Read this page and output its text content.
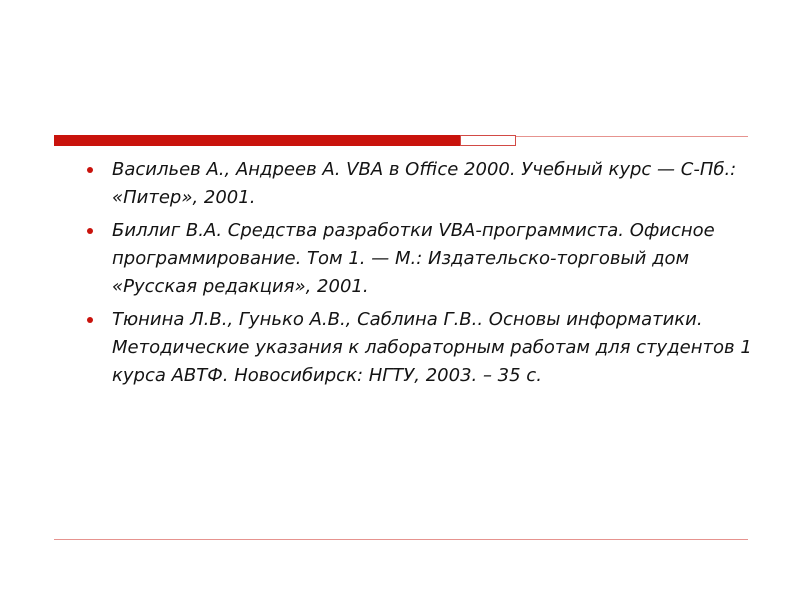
Васильев А., Андреев А. VBA в Office 2000. Учебный курс — С-Пб.: «Питер», 2001.
Биллиг В.А. Средства разработки VBA-программиста. Офисное программирование. Том 1. — М.: Издательско-торговый дом «Русская редакция», 2001.
Тюнина Л.В., Гунько А.В., Саблина Г.В.. Основы информатики. Методические указания к лабораторным работам для студентов 1 курса АВТФ. Новосибирск: НГТУ, 2003. – 35 с.
